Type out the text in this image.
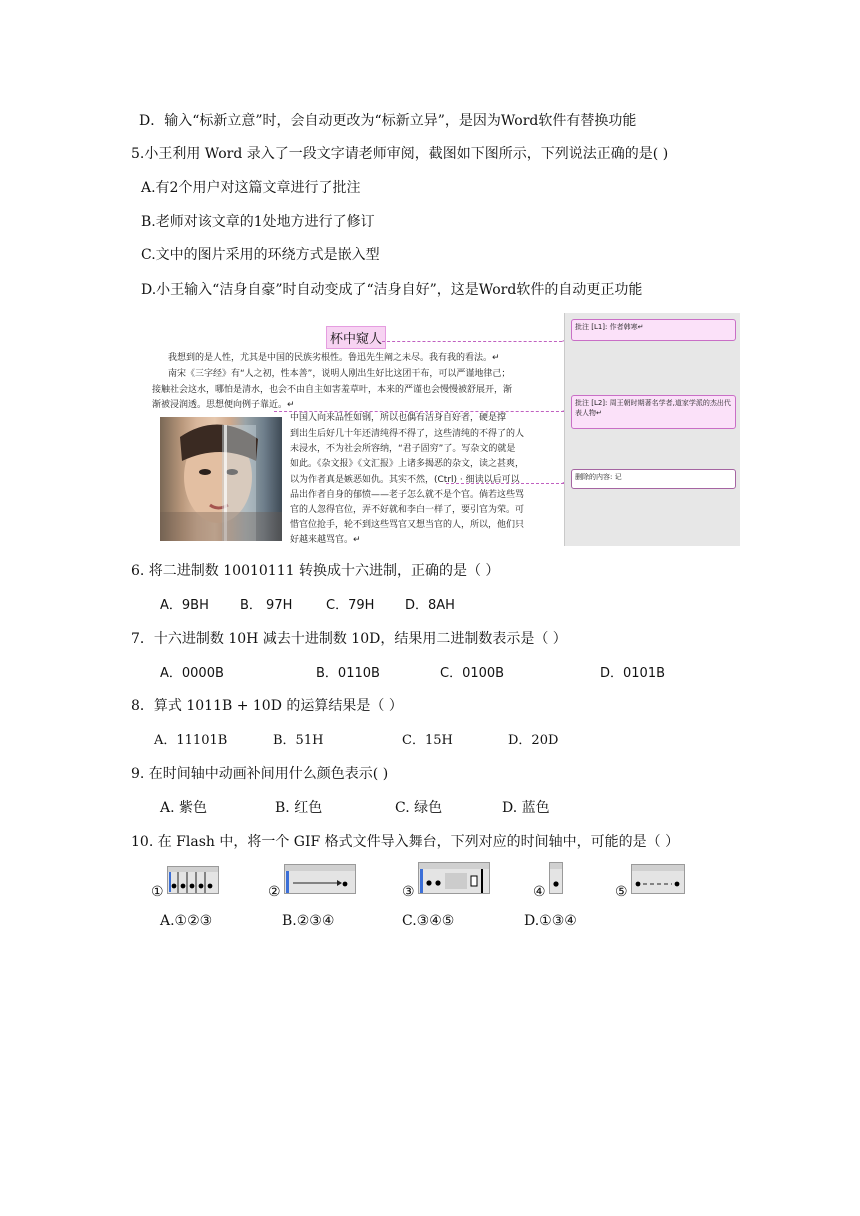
D．输入“标新立意”时，会自动更改为“标新立异”，是因为Word软件有替换功能
5.小王利用 Word 录入了一段文字请老师审阅，截图如下图所示，下列说法正确的是( )
A.有2个用户对这篇文章进行了批注
B.老师对该文章的1处地方进行了修订
C.文中的图片采用的环绕方式是嵌入型
D.小王输入“洁身自豪”时自动变成了“洁身自好”，这是Word软件的自动更正功能
杯中窥人
我想到的是人性，尤其是中国的民族劣根性。鲁迅先生阐之未尽。我有我的看法。↵
南宋《三字经》有“人之初，性本善”，说明人刚出生好比这团干布，可以严谨地律己；
接触社会这水，哪怕是清水，也会不由自主如害羞草叶，本来的严谨也会慢慢被舒展开，渐
渐被浸润透。思想便向例子靠近。↵
中国人向来品性如钢，所以也偶有洁身自好者，硬是撑
到出生后好几十年还清纯得不得了，这些清纯的不得了的人
未浸水，不为社会所容纳，“君子固穷”了。写杂文的就是
如此。《杂文报》《文汇报》上诸多揭恶的杂文，读之甚爽，
以为作者真是嫉恶如仇。其实不然，(Ctrl) · 细读以后可以
品出作者自身的郁愤——老子怎么就不是个官。倘若这些骂
官的人忽得官位，弄不好就和李白一样了，要引官为荣。可
惜官位抢手，轮不到这些骂官又想当官的人，所以，他们只
好越来越骂官。↵
批注 [L1]: 作者韩寒↵
批注 [L2]: 周王朝时期著名学者,道家学派的杰出代表人物↵
删除的内容: 记
6. 将二进制数 10010111 转换成十六进制，正确的是（ ）
A．9BH B． 97H	C．79H D．8AH
7．十六进制数 10H 减去十进制数 10D，结果用二进制数表示是（ ）
A．0000B	B．0110B	C．0100B	D．0101B
8．算式 1011B + 10D 的运算结果是（ ）
A．11101B	B．51H	C．15H	D．20D
9. 在时间轴中动画补间用什么颜色表示( )
A. 紫色	B. 红色	C. 绿色	D. 蓝色
10. 在 Flash 中，将一个 GIF 格式文件导入舞台，下列对应的时间轴中，可能的是（ ）
①	②	③	④	⑤
A.①②③	B.②③④	C.③④⑤	D.①③④
